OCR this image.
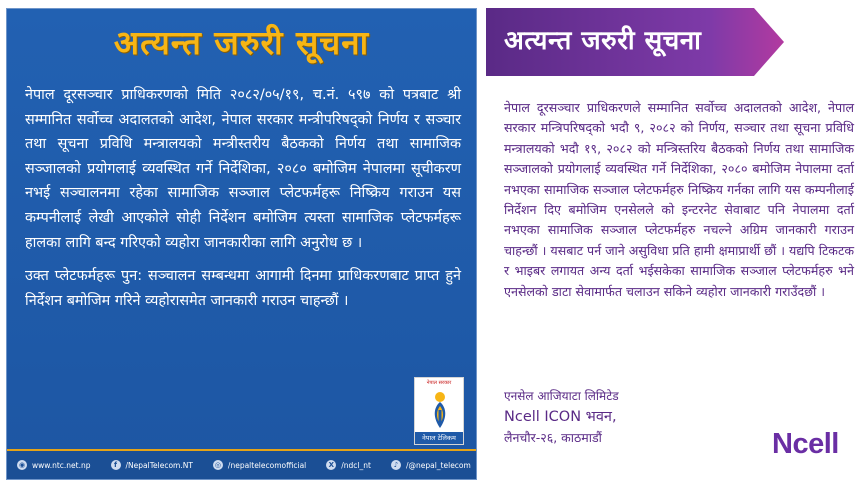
अत्यन्त जरुरी सूचना

नेपाल दूरसञ्चार प्राधिकरणको मिति २०८२/०५/१९, च.नं. ५९७ को पत्रबाट श्री सम्मानित सर्वोच्च अदालतको आदेश, नेपाल सरकार मन्त्रीपरिषद्को निर्णय र सञ्चार तथा सूचना प्रविधि मन्त्रालयको मन्त्रीस्तरीय बैठकको निर्णय तथा सामाजिक सञ्जालको प्रयोगलाई व्यवस्थित गर्ने निर्देशिका, २०८० बमोजिम नेपालमा सूचीकरण नभई सञ्चालनमा रहेका सामाजिक सञ्जाल प्लेटफर्महरू निष्क्रिय गराउन यस कम्पनीलाई लेखी आएकोले सोही निर्देशन बमोजिम त्यस्ता सामाजिक प्लेटफर्महरू हालका लागि बन्द गरिएको व्यहोरा जानकारीका लागि अनुरोध छ ।

उक्त प्लेटफर्महरू पुन: सञ्चालन सम्बन्धमा आगामी दिनमा प्राधिकरणबाट प्राप्त हुने निर्देशन बमोजिम गरिने व्यहोरासमेत जानकारी गराउन चाहन्छौं ।

नेपाल सरकार
नेपाल टेलिकम
◉ www.ntc.net.np	f	/NepalTelecom.NT	◎ /nepaltelecomofficial	X /ndcl_nt	♪	/@nepal_telecom
अत्यन्त जरुरी सूचना
नेपाल दूरसञ्चार प्राधिकरणले सम्मानित सर्वोच्च अदालतको आदेश, नेपाल सरकार मन्त्रिपरिषद्को भदौ ९, २०८२ को निर्णय, सञ्चार तथा सूचना प्रविधि मन्त्रालयको भदौ १९, २०८२ को मन्त्रिस्तरिय बैठकको निर्णय तथा सामाजिक सञ्जालको प्रयोगलाई व्यवस्थित गर्ने निर्देशिका, २०८० बमोजिम नेपालमा दर्ता नभएका सामाजिक सञ्जाल प्लेटफर्महरु निष्क्रिय गर्नका लागि यस कम्पनीलाई निर्देशन दिए बमोजिम एनसेलले को इन्टरनेट सेवाबाट पनि नेपालमा दर्ता नभएका सामाजिक सञ्जाल प्लेटफर्महरु नचल्ने अग्रिम जानकारी गराउन चाहन्छौं । यसबाट पर्न जाने असुविधा प्रति हामी क्षमाप्रार्थी छौं । यद्यपि टिकटक र भाइबर लगायत अन्य दर्ता भईसकेका सामाजिक सञ्जाल प्लेटफर्महरु भने एनसेलको डाटा सेवामार्फत चलाउन सकिने व्यहोरा जानकारी गराउँदछौं ।
एनसेल आजियाटा लिमिटेड
Ncell ICON भवन,
लैनचौर-२६, काठमाडौं	Ncell
